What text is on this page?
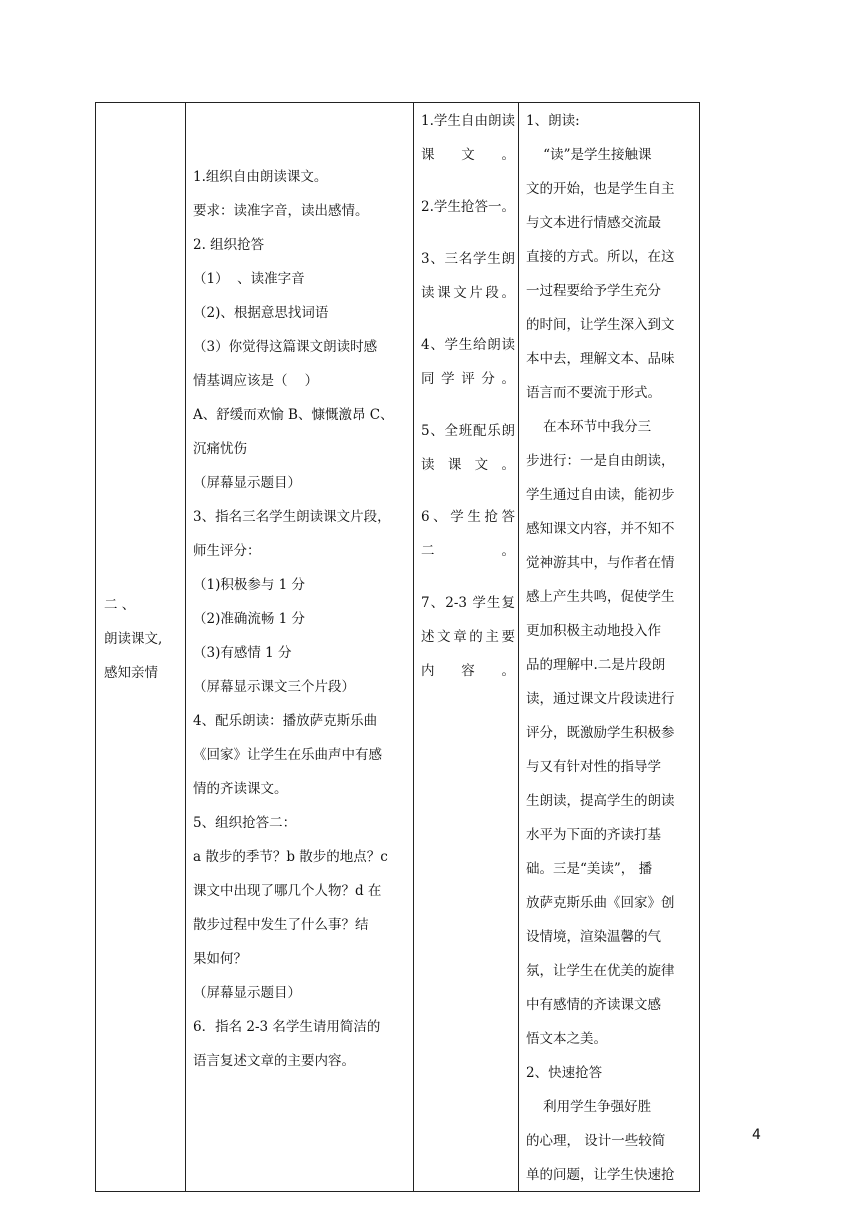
二 、
朗读课文,
感知亲情
1.组织自由朗读课文。
要求：读准字音，读出感情。
2. 组织抢答
（1）  、读准字音
（2)、根据意思找词语
（3）你觉得这篇课文朗读时感
情基调应该是（    ）
A、舒缓而欢愉 B、慷慨激昂 C、
沉痛忧伤
（屏幕显示题目）
3、指名三名学生朗读课文片段，
师生评分：
（1)积极参与 1 分
（2)准确流畅 1 分
（3)有感情 1 分
（屏幕显示课文三个片段）
4、配乐朗读：播放萨克斯乐曲
《回家》让学生在乐曲声中有感
情的齐读课文。
5、组织抢答二：
a 散步的季节？b 散步的地点？c
课文中出现了哪几个人物？d 在
散步过程中发生了什么事？结
果如何？
（屏幕显示题目）
6．指名 2-3 名学生请用简洁的
语言复述文章的主要内容。

1.学生自由朗读课文。

2.学生抢答一。

3、三名学生朗读课文片段。

4、学生给朗读同学评分。

5、全班配乐朗读课文。

6、学生抢答二。

7、2-3 学生复述文章的主要内容。

1、朗读:
“读”是学生接触课
文的开始，也是学生自主
与文本进行情感交流最
直接的方式。所以，在这
一过程要给予学生充分
的时间，让学生深入到文
本中去，理解文本、品味
语言而不要流于形式。
在本环节中我分三
步进行：一是自由朗读，
学生通过自由读，能初步
感知课文内容，并不知不
觉神游其中，与作者在情
感上产生共鸣，促使学生
更加积极主动地投入作
品的理解中.二是片段朗
读，通过课文片段读进行
评分，既激励学生积极参
与又有针对性的指导学
生朗读，提高学生的朗读
水平为下面的齐读打基
础。三是“美读”， 播
放萨克斯乐曲《回家》创
设情境，渲染温馨的气
氛，让学生在优美的旋律
中有感情的齐读课文感
悟文本之美。
2、快速抢答
利用学生争强好胜
的心理， 设计一些较简
单的问题，让学生快速抢
4
